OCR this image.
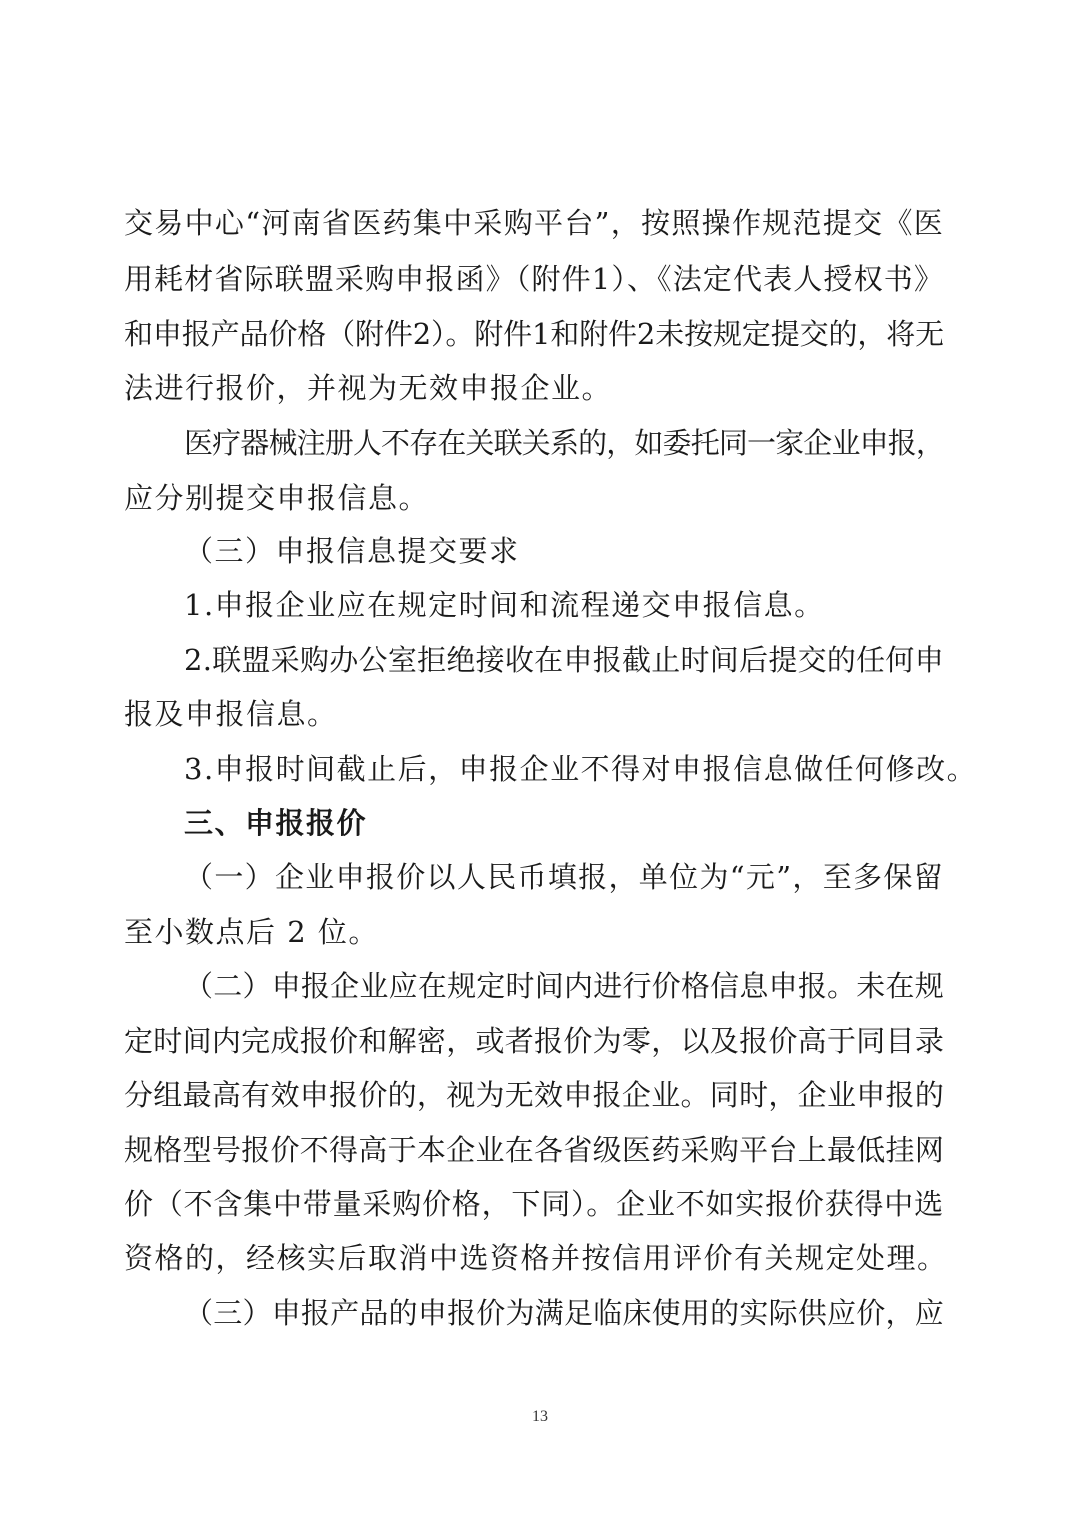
交易中心“河南省医药集中采购平台”，按照操作规范提交《医
用耗材省际联盟采购申报函》（附件1）、《法定代表人授权书》
和申报产品价格（附件2）。附件1和附件2未按规定提交的，将无
法进行报价，并视为无效申报企业。
医疗器械注册人不存在关联关系的，如委托同一家企业申报，
应分别提交申报信息。
（三）申报信息提交要求
1.申报企业应在规定时间和流程递交申报信息。
2.联盟采购办公室拒绝接收在申报截止时间后提交的任何申
报及申报信息。
3.申报时间截止后，申报企业不得对申报信息做任何修改。
三、申报报价
（一）企业申报价以人民币填报，单位为“元”，至多保留
至小数点后 2 位。
（二）申报企业应在规定时间内进行价格信息申报。未在规
定时间内完成报价和解密，或者报价为零，以及报价高于同目录
分组最高有效申报价的，视为无效申报企业。同时，企业申报的
规格型号报价不得高于本企业在各省级医药采购平台上最低挂网
价（不含集中带量采购价格，下同）。企业不如实报价获得中选
资格的，经核实后取消中选资格并按信用评价有关规定处理。
（三）申报产品的申报价为满足临床使用的实际供应价，应
13
